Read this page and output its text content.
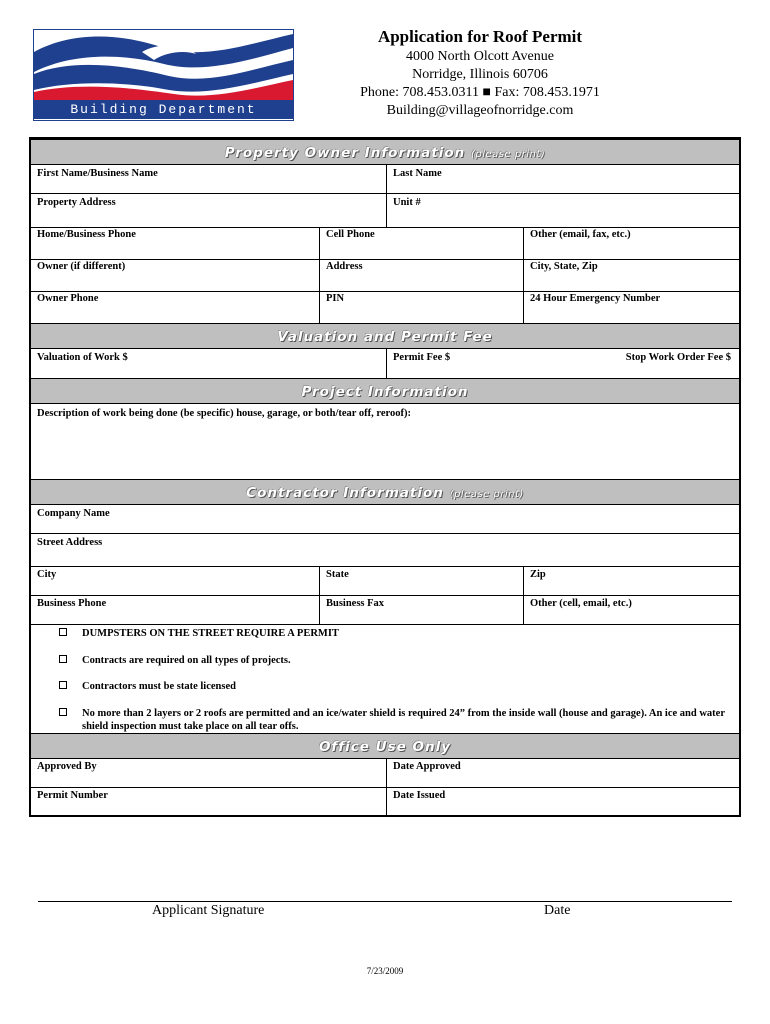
Building Department
Application for Roof Permit
4000 North Olcott Avenue
Norridge, Illinois 60706
Phone: 708.453.0311 ■ Fax: 708.453.1971
Building@villageofnorridge.com
Property Owner Information (please print)
First Name/Business Name	Last Name
Property Address	Unit #
Home/Business Phone	Cell Phone	Other (email, fax, etc.)
Owner (if different)	Address	City, State, Zip
Owner Phone	PIN	24 Hour Emergency Number
Valuation and Permit Fee
Valuation of Work $	Permit Fee $	Stop Work Order Fee $
Project Information
Description of work being done (be specific) house, garage, or both/tear off, reroof):
Contractor Information (please print)
Company Name
Street Address
City	State	Zip
Business Phone	Business Fax	Other (cell, email, etc.)
DUMPSTERS ON THE STREET REQUIRE A PERMIT
Contracts are required on all types of projects.
Contractors must be state licensed
No more than 2 layers or 2 roofs are permitted and an ice/water shield is required 24” from the inside wall (house and garage). An ice and water shield inspection must take place on all tear offs.
Office Use Only
Approved By	Date Approved
Permit Number	Date Issued
Applicant Signature	Date
7/23/2009
